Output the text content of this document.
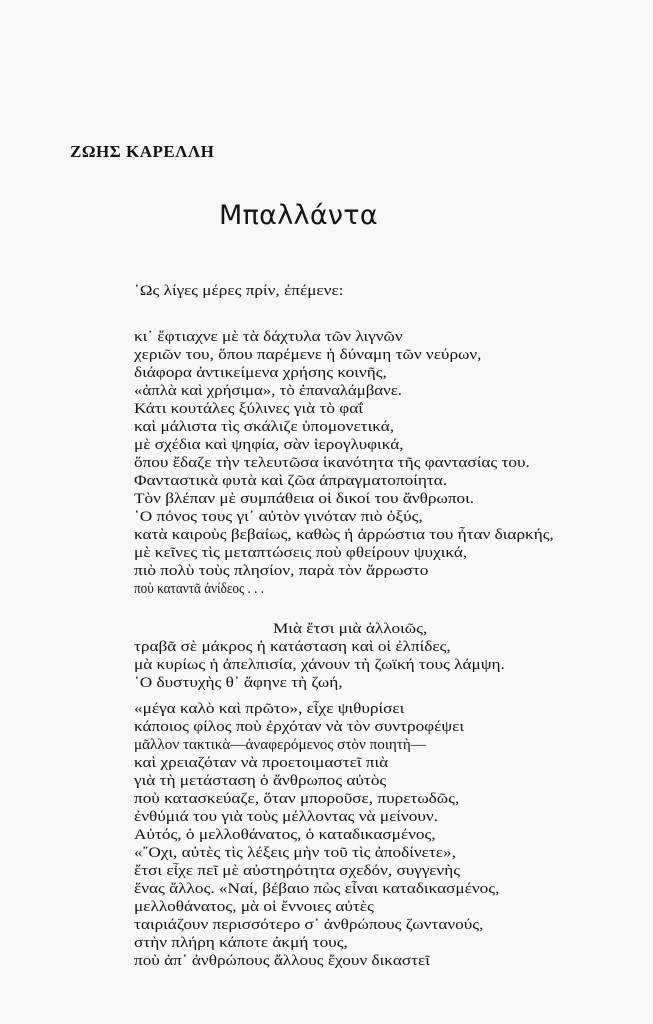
ΖΩΗΣ ΚΑΡΕΛΛΗ
Μπαλλάντα
῾Ως λίγες μέρες πρίν, ἐπέμενε:
κι᾽ ἔφτιαχνε μὲ τὰ δάχτυλα τῶν λιγνῶν
χεριῶν του, ὅπου παρέμενε ἡ δύναμη τῶν νεύρων,
διάφορα ἀντικείμενα χρήσης κοινῆς,
«ἁπλὰ καὶ χρήσιμα», τὸ ἐπαναλάμβανε.
Κάτι κουτάλες ξύλινες γιὰ τὸ φαΐ
καὶ μάλιστα τὶς σκάλιζε ὑπομονετικά,
μὲ σχέδια καὶ ψηφία, σὰν ἱερογλυφικά,
ὅπου ἔδαζε τὴν τελευτῶσα ἱκανότητα τῆς φαντασίας του.
Φανταστικὰ φυτὰ καὶ ζῶα ἀπραγματοποίητα.
Τὸν βλέπαν μὲ συμπάθεια οἱ δικοί του ἄνθρωποι.
῾Ο πόνος τους γι᾽ αὐτὸν γινόταν πιὸ ὀξύς,
κατὰ καιροὺς βεβαίως, καθὼς ἡ ἀρρώστια του ἦταν διαρκής,
μὲ κεῖνες τὶς μεταπτώσεις ποὺ φθείρουν ψυχικά,
πιὸ πολὺ τοὺς πλησίον, παρὰ τὸν ἄρρωστο
ποὺ καταντᾶ ἀνίδεος . . .
Μιὰ ἔτσι μιὰ ἀλλοιῶς,
τραβᾶ σὲ μάκρος ἡ κατάσταση καὶ οἱ ἐλπίδες,
μὰ κυρίως ἡ ἀπελπισία, χάνουν τὴ ζωϊκή τους λάμψη.
῾Ο δυστυχὴς θ᾽ ἄφηνε τὴ ζωή,
«μέγα καλὸ καὶ πρῶτο», εἶχε ψιθυρίσει
κάποιος φίλος ποὺ ἐρχόταν νὰ τὸν συντροφέψει
μᾶλλον τακτικὰ—ἀναφερόμενος στὸν ποιητὴ—
καὶ χρειαζόταν νὰ προετοιμαστεῖ πιὰ
γιὰ τὴ μετάσταση ὁ ἄνθρωπος αὐτὸς
ποὺ κατασκεύαζε, ὅταν μποροῦσε, πυρετωδῶς,
ἐνθύμιά του γιὰ τοὺς μέλλοντας νὰ μείνουν.
Αὐτός, ὁ μελλοθάνατος, ὁ καταδικασμένος,
«῎Οχι, αὐτὲς τὶς λέξεις μὴν τοῦ τὶς ἀποδίνετε»,
ἔτσι εἶχε πεῖ μὲ αὐστηρότητα σχεδόν, συγγενὴς
ἕνας ἄλλος. «Ναί, βέβαιο πὼς εἶναι καταδικασμένος,
μελλοθάνατος, μὰ οἱ ἔννοιες αὐτὲς
ταιριάζουν περισσότερο σ᾽ ἀνθρώπους ζωντανούς,
στὴν πλήρη κάποτε ἀκμή τους,
ποὺ ἀπ᾽ ἀνθρώπους ἄλλους ἔχουν δικαστεῖ
